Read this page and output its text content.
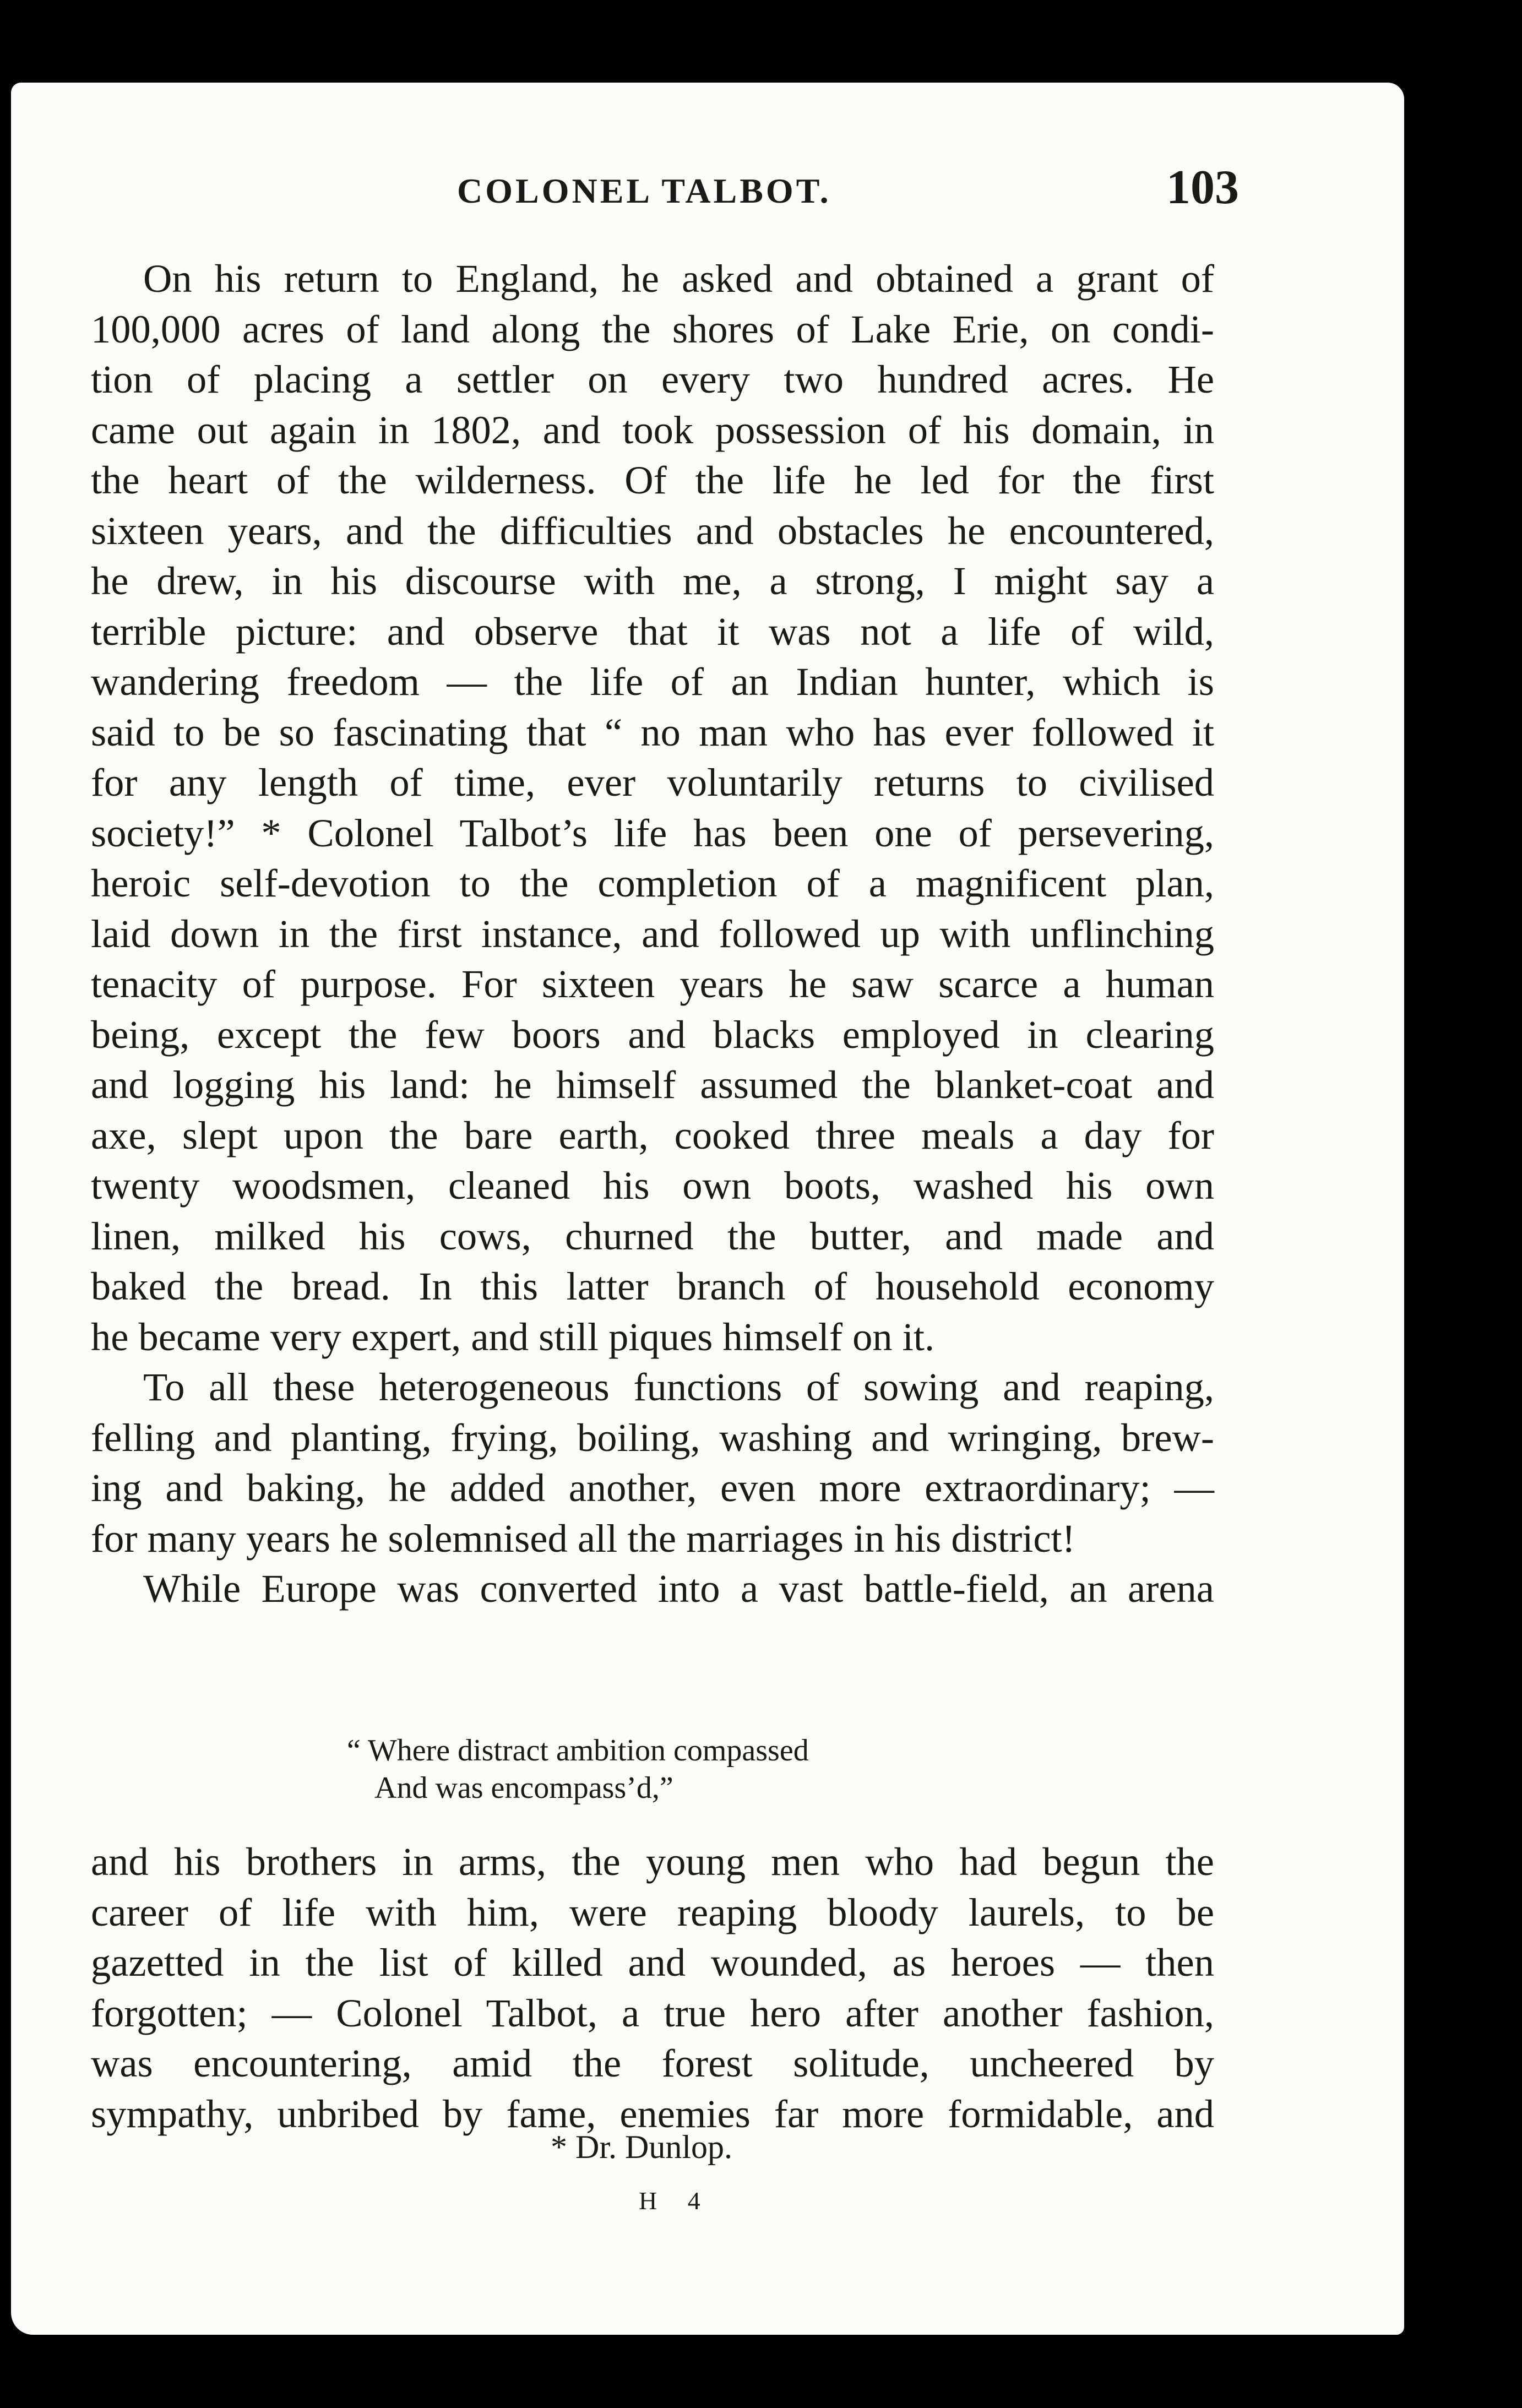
COLONEL TALBOT.	103
On his return to England, he asked and obtained a grant of
100,000 acres of land along the shores of Lake Erie, on condi-
tion of placing a settler on every two hundred acres. He
came out again in 1802, and took possession of his domain, in
the heart of the wilderness. Of the life he led for the first
sixteen years, and the difficulties and obstacles he encountered,
he drew, in his discourse with me, a strong, I might say a
terrible picture: and observe that it was not a life of wild,
wandering freedom — the life of an Indian hunter, which is
said to be so fascinating that “ no man who has ever followed it
for any length of time, ever voluntarily returns to civilised
society!” * Colonel Talbot’s life has been one of persevering,
heroic self-devotion to the completion of a magnificent plan,
laid down in the first instance, and followed up with unflinching
tenacity of purpose. For sixteen years he saw scarce a human
being, except the few boors and blacks employed in clearing
and logging his land: he himself assumed the blanket-coat and
axe, slept upon the bare earth, cooked three meals a day for
twenty woodsmen, cleaned his own boots, washed his own
linen, milked his cows, churned the butter, and made and
baked the bread. In this latter branch of household economy
he became very expert, and still piques himself on it.
To all these heterogeneous functions of sowing and reaping,
felling and planting, frying, boiling, washing and wringing, brew-
ing and baking, he added another, even more extraordinary; —
for many years he solemnised all the marriages in his district!
While Europe was converted into a vast battle-field, an arena
“ Where distract ambition compassed
And was encompass’d,”
and his brothers in arms, the young men who had begun the
career of life with him, were reaping bloody laurels, to be
gazetted in the list of killed and wounded, as heroes — then
forgotten; — Colonel Talbot, a true hero after another fashion,
was encountering, amid the forest solitude, uncheered by
sympathy, unbribed by fame, enemies far more formidable, and
* Dr. Dunlop.
H 4
